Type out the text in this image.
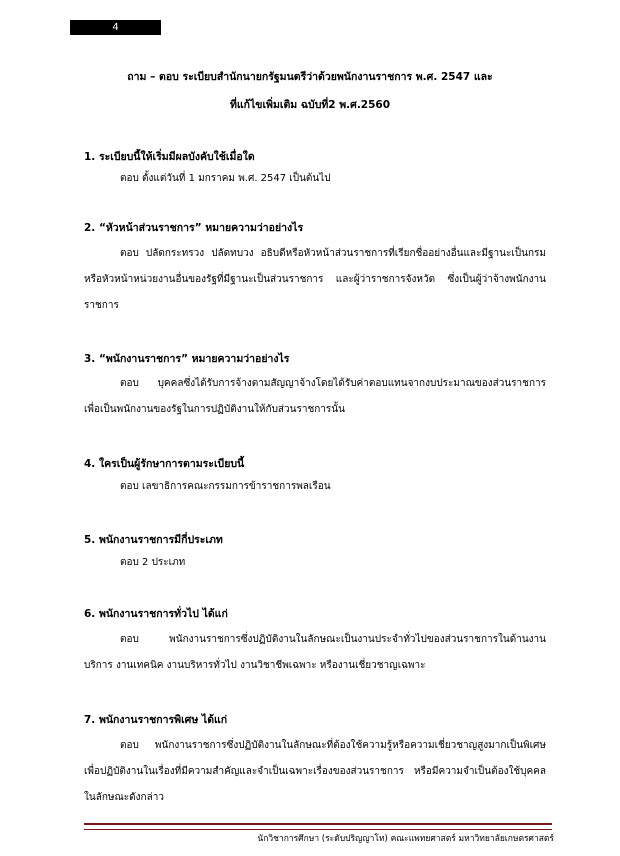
4
ถาม – ตอบ ระเบียบสำนักนายกรัฐมนตรีว่าด้วยพนักงานราชการ พ.ศ. 2547 และ
ที่แก้ไขเพิ่มเติม ฉบับที่2 พ.ศ.2560

1. ระเบียบนี้ให้เริ่มมีผลบังคับใช้เมื่อใด

ตอบ ตั้งแต่วันที่ 1 มกราคม พ.ศ. 2547 เป็นต้นไป

2. “หัวหน้าส่วนราชการ” หมายความว่าอย่างไร

ตอบ ปลัดกระทรวง ปลัดทบวง อธิบดีหรือหัวหน้าส่วนราชการที่เรียกชื่ออย่างอื่นและมีฐานะเป็นกรม หรือหัวหน้าหน่วยงานอื่นของรัฐที่มีฐานะเป็นส่วนราชการ และผู้ว่าราชการจังหวัด ซึ่งเป็นผู้ว่าจ้างพนักงานราชการ

3. “พนักงานราชการ” หมายความว่าอย่างไร

ตอบ บุคคลซึ่งได้รับการจ้างตามสัญญาจ้างโดยได้รับค่าตอบแทนจากงบประมาณของส่วนราชการ เพื่อเป็นพนักงานของรัฐในการปฏิบัติงานให้กับส่วนราชการนั้น

4. ใครเป็นผู้รักษาการตามระเบียบนี้

ตอบ เลขาธิการคณะกรรมการข้าราชการพลเรือน

5. พนักงานราชการมีกี่ประเภท

ตอบ 2 ประเภท

6. พนักงานราชการทั่วไป ได้แก่

ตอบ พนักงานราชการซึ่งปฏิบัติงานในลักษณะเป็นงานประจำทั่วไปของส่วนราชการในด้านงานบริการ งานเทคนิค งานบริหารทั่วไป งานวิชาชีพเฉพาะ หรืองานเชี่ยวชาญเฉพาะ

7. พนักงานราชการพิเศษ ได้แก่

ตอบ พนักงานราชการซึ่งปฏิบัติงานในลักษณะที่ต้องใช้ความรู้หรือความเชี่ยวชาญสูงมากเป็นพิเศษ เพื่อปฏิบัติงานในเรื่องที่มีความสำคัญและจำเป็นเฉพาะเรื่องของส่วนราชการ หรือมีความจำเป็นต้องใช้บุคคลในลักษณะดังกล่าว

นักวิชาการศึกษา (ระดับปริญญาโท) คณะแพทยศาสตร์ มหาวิทยาลัยเกษตรศาสตร์
